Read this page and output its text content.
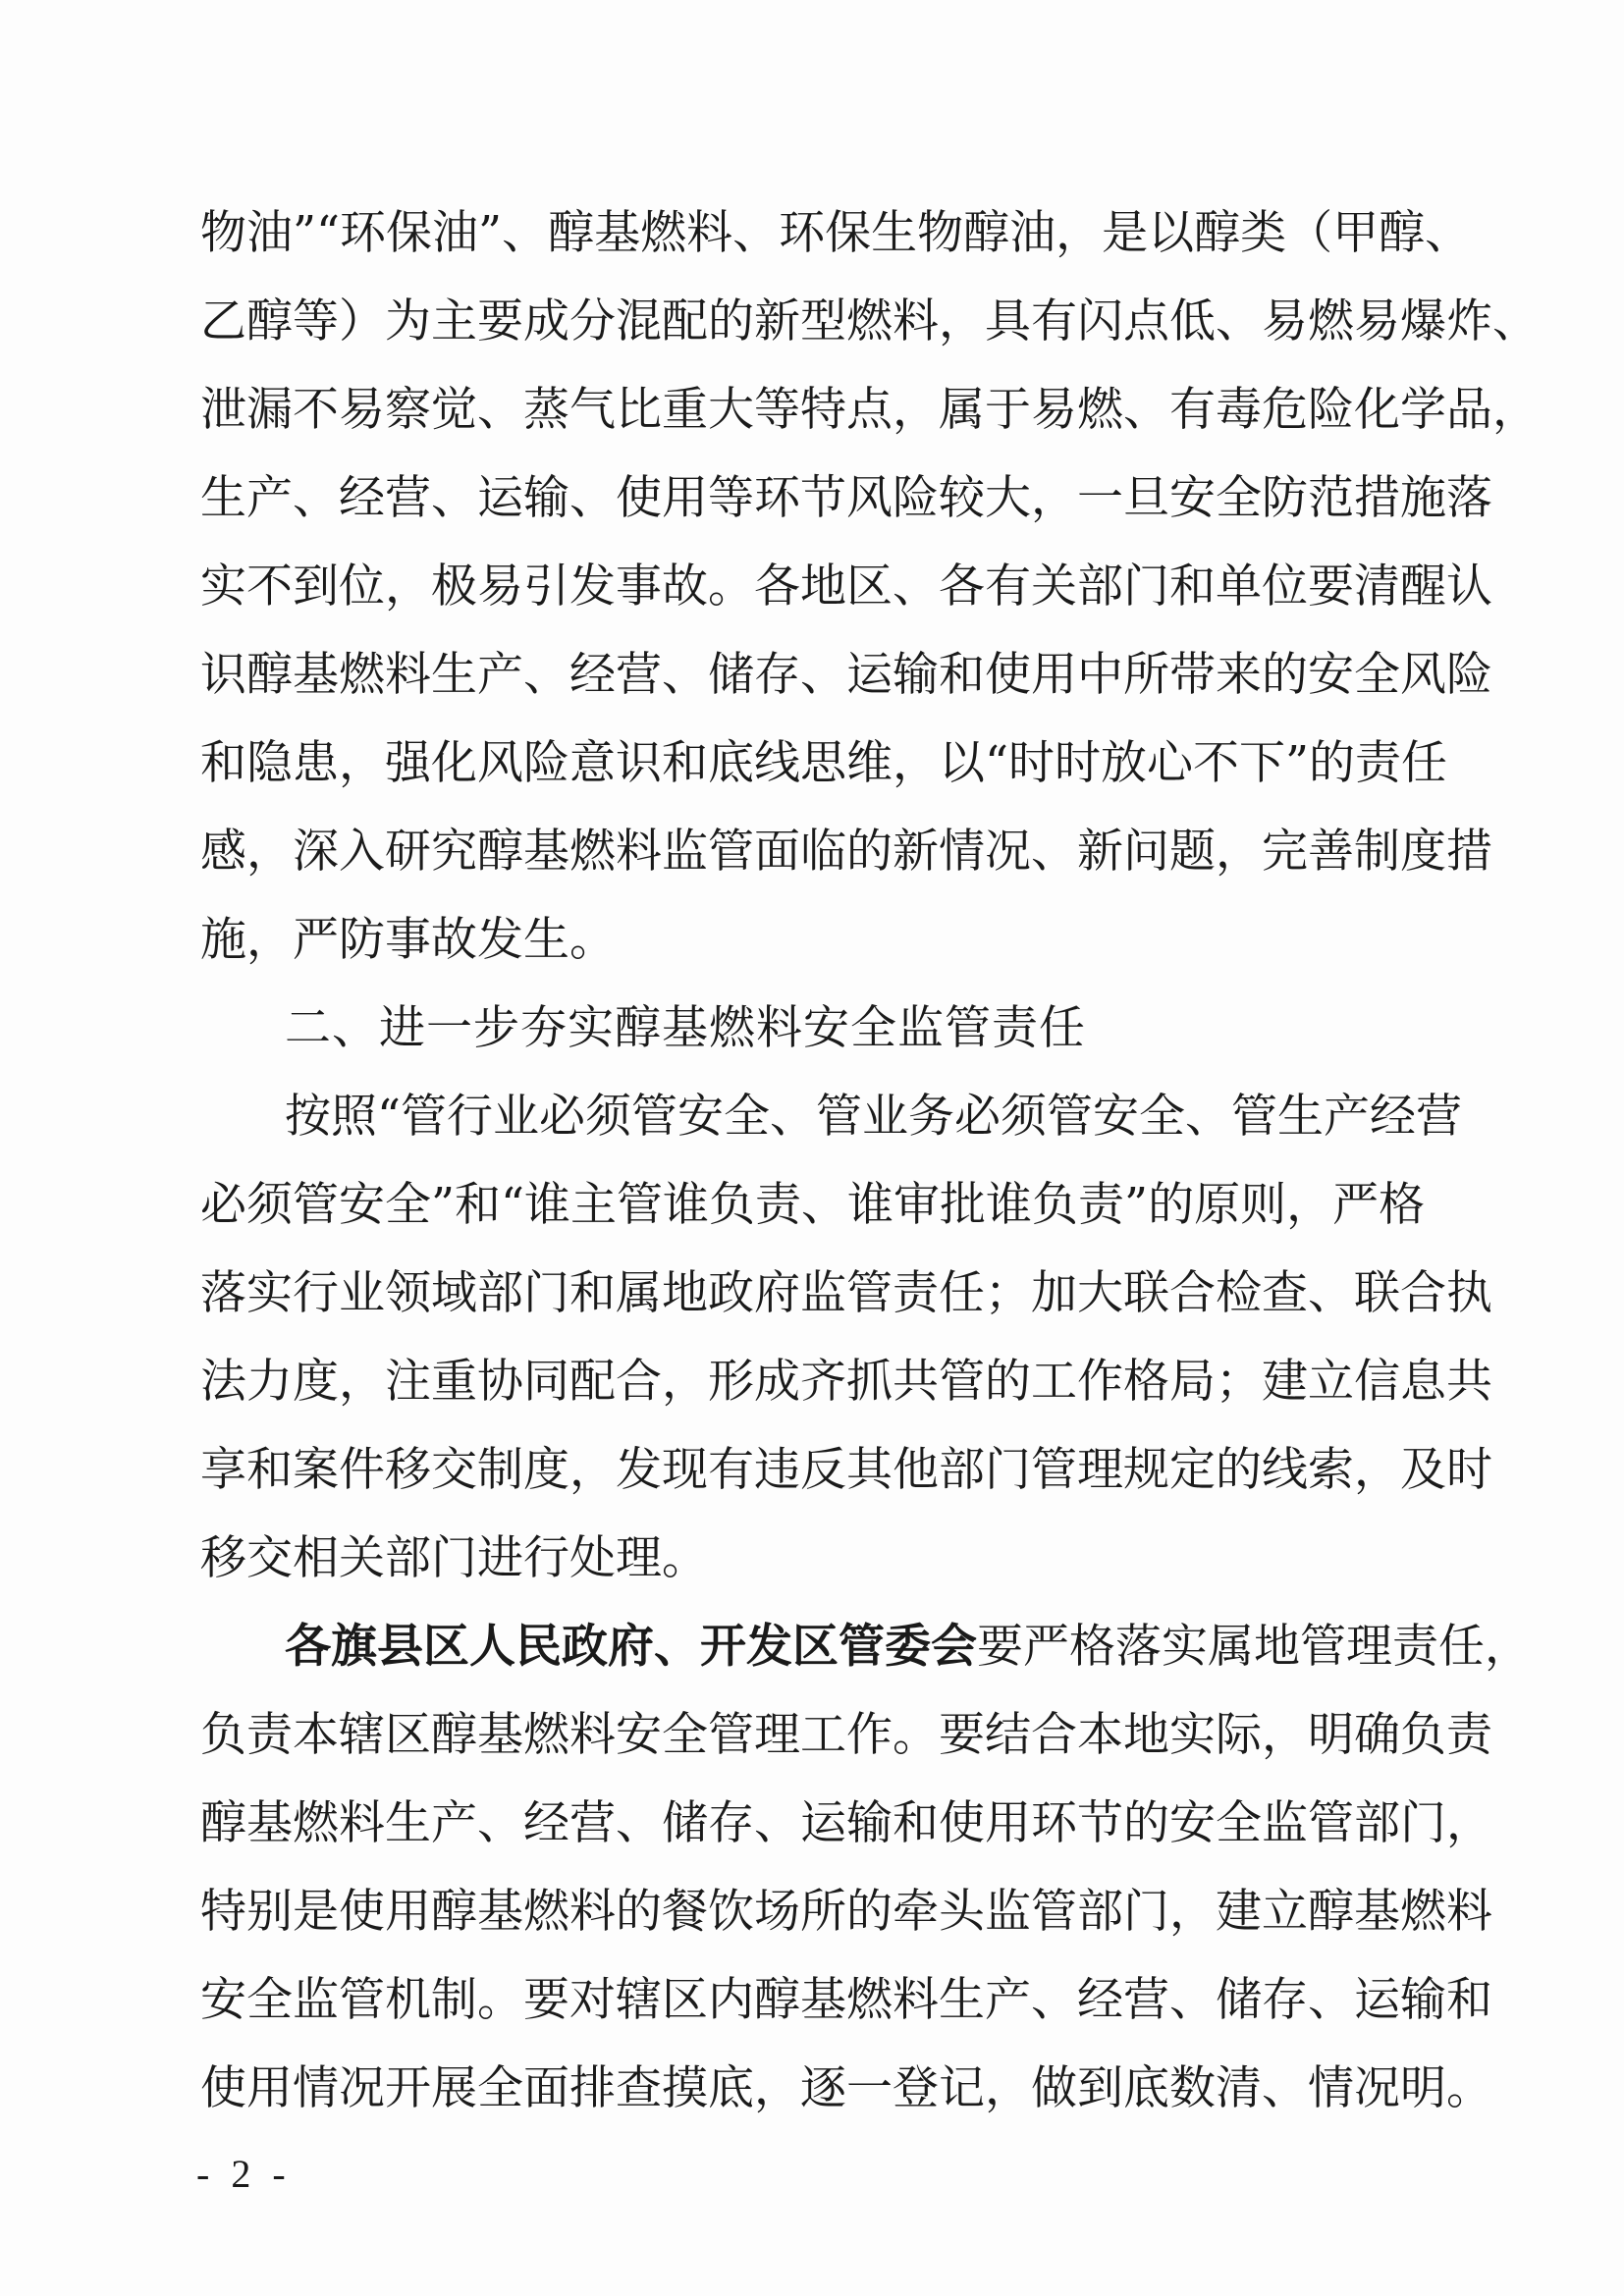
物油”“环保油”、醇基燃料、环保生物醇油，是以醇类（甲醇、
乙醇等）为主要成分混配的新型燃料，具有闪点低、易燃易爆炸、
泄漏不易察觉、蒸气比重大等特点，属于易燃、有毒危险化学品，
生产、经营、运输、使用等环节风险较大，一旦安全防范措施落
实不到位，极易引发事故。各地区、各有关部门和单位要清醒认
识醇基燃料生产、经营、储存、运输和使用中所带来的安全风险
和隐患，强化风险意识和底线思维，以“时时放心不下”的责任
感，深入研究醇基燃料监管面临的新情况、新问题，完善制度措
施，严防事故发生。
二、进一步夯实醇基燃料安全监管责任
按照“管行业必须管安全、管业务必须管安全、管生产经营
必须管安全”和“谁主管谁负责、谁审批谁负责”的原则，严格
落实行业领域部门和属地政府监管责任；加大联合检查、联合执
法力度，注重协同配合，形成齐抓共管的工作格局；建立信息共
享和案件移交制度，发现有违反其他部门管理规定的线索，及时
移交相关部门进行处理。
各旗县区人民政府、开发区管委会要严格落实属地管理责任，
负责本辖区醇基燃料安全管理工作。要结合本地实际，明确负责
醇基燃料生产、经营、储存、运输和使用环节的安全监管部门，
特别是使用醇基燃料的餐饮场所的牵头监管部门，建立醇基燃料
安全监管机制。要对辖区内醇基燃料生产、经营、储存、运输和
使用情况开展全面排查摸底，逐一登记，做到底数清、情况明。
- 2 -
